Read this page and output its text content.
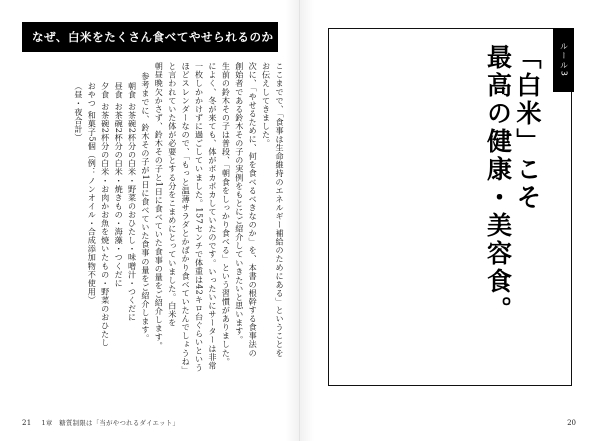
なぜ、白米をたくさん食べてやせられるのか
ここまでで、「食事は生命維持のエネルギー補給のためにある」ということを
お伝えしてきました。
次に、「やせるために、何を食べるべきなのか」を、本書の根幹する食事法の
創始者である鈴木その子の実例をもとにご紹介していきたいと思います。
生前の鈴木その子は普段、「朝食をしっかり食べる」という習慣がありました。
によく、冬が来ても、体がポカポカしていたのです。いったいにサーターは非常
一枚しかかけずに過ごしていました。157センチで体重は42キロ台ぐらいという
ほどスレンダーなので、「もっと温薄サラダとかばかり食べていたんでしょうね」
と言われていた体が必要とする分をこまめにとっていました。白米を
朝昼晩欠かさず、鈴木その子と1日に食べていた食事の量をご紹介します。
参考までに、鈴木その子が1日に食べていた食事の量をご紹介します。
朝食 お茶碗2杯分の白米・野菜のおひたし・味噌汁・つくだに
昼食 お茶碗2杯分の白米・焼きもの・海藻・つくだに
夕食 お茶碗2杯分の白米・お肉かお魚を焼いたもの・野菜のおひたし
おやつ 和菓子5個（例：ノンオイル・合成添加物不使用）
（昼・夜合計）
21 1章　糖質制限は「当がやつれるダイエット」
ルール3
「白米」こそ
最高の健康・美容食。
20
